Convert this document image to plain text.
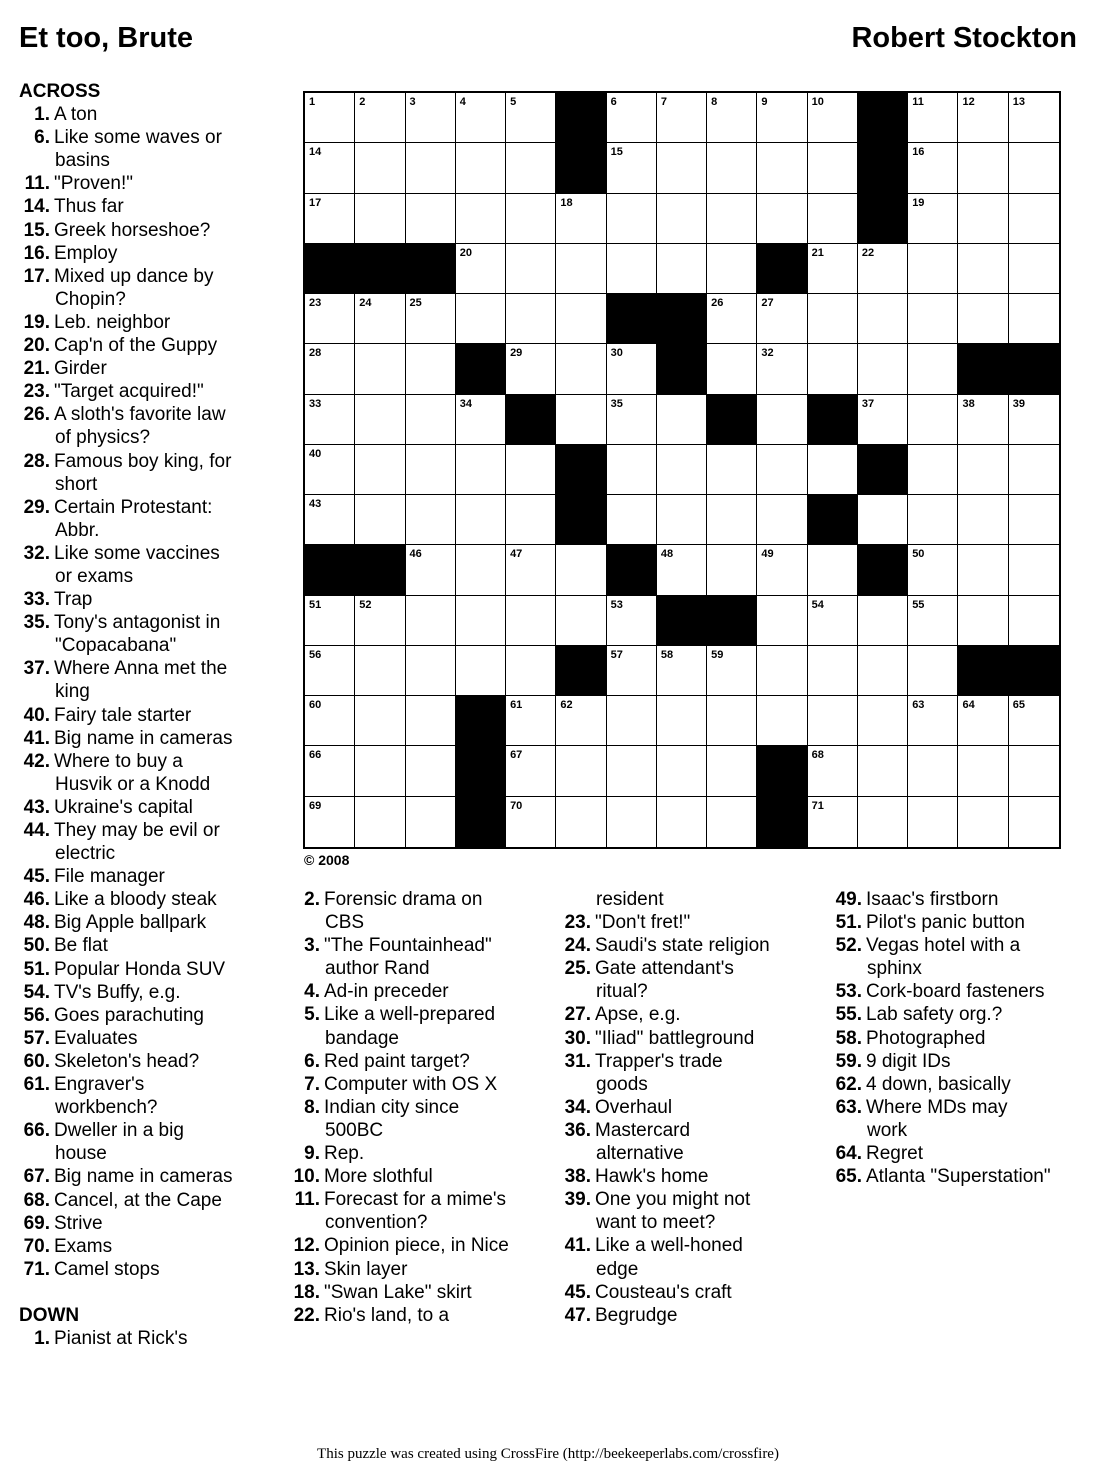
Et too, Brute	Robert Stockton
ACROSS
1. A ton
6. Like some waves or
basins
11. "Proven!"
14. Thus far
15. Greek horseshoe?
16. Employ
17. Mixed up dance by
Chopin?
19. Leb. neighbor
20. Cap'n of the Guppy
21. Girder
23. "Target acquired!"
26. A sloth's favorite law
of physics?
28. Famous boy king, for
short
29. Certain Protestant:
Abbr.
32. Like some vaccines
or exams
33. Trap
35. Tony's antagonist in
"Copacabana"
37. Where Anna met the
king
40. Fairy tale starter
41. Big name in cameras
42. Where to buy a
Husvik or a Knodd
43. Ukraine's capital
44. They may be evil or
electric
45. File manager
46. Like a bloody steak
48. Big Apple ballpark
50. Be flat
51. Popular Honda SUV
54. TV's Buffy, e.g.
56. Goes parachuting
57. Evaluates
60. Skeleton's head?
61. Engraver's
workbench?
66. Dweller in a big
house
67. Big name in cameras
68. Cancel, at the Cape
69. Strive
70. Exams
71. Camel stops
DOWN
1. Pianist at Rick's
2. Forensic drama on
CBS
3. "The Fountainhead"
author Rand
4. Ad-in preceder
5. Like a well-prepared
bandage
6. Red paint target?
7. Computer with OS X
8. Indian city since
500BC
9. Rep.
10. More slothful
11. Forecast for a mime's
convention?
12. Opinion piece, in Nice
13. Skin layer
18. "Swan Lake" skirt
22. Rio's land, to a
resident
23. "Don't fret!"
24. Saudi's state religion
25. Gate attendant's
ritual?
27. Apse, e.g.
30. "Iliad" battleground
31. Trapper's trade
goods
34. Overhaul
36. Mastercard
alternative
38. Hawk's home
39. One you might not
want to meet?
41. Like a well-honed
edge
45. Cousteau's craft
47. Begrudge
49. Isaac's firstborn
51. Pilot's panic button
52. Vegas hotel with a
sphinx
53. Cork-board fasteners
55. Lab safety org.?
58. Photographed
59. 9 digit IDs
62. 4 down, basically
63. Where MDs may
work
64. Regret
65. Atlanta "Superstation"
1	2	3	4	5	6	7	8	9	10	11	12	13
14	15	16
17	18	19
20	21	22
23	24	25	26	27
28	29	30	32
33	34	35	37	38	39
40
43
46	47	48	49	50
51	52	53	54	55
56	57	58	59
60	61	62	63	64	65
66	67	68
69	70	71
© 2008
This puzzle was created using CrossFire (http://beekeeperlabs.com/crossfire)
